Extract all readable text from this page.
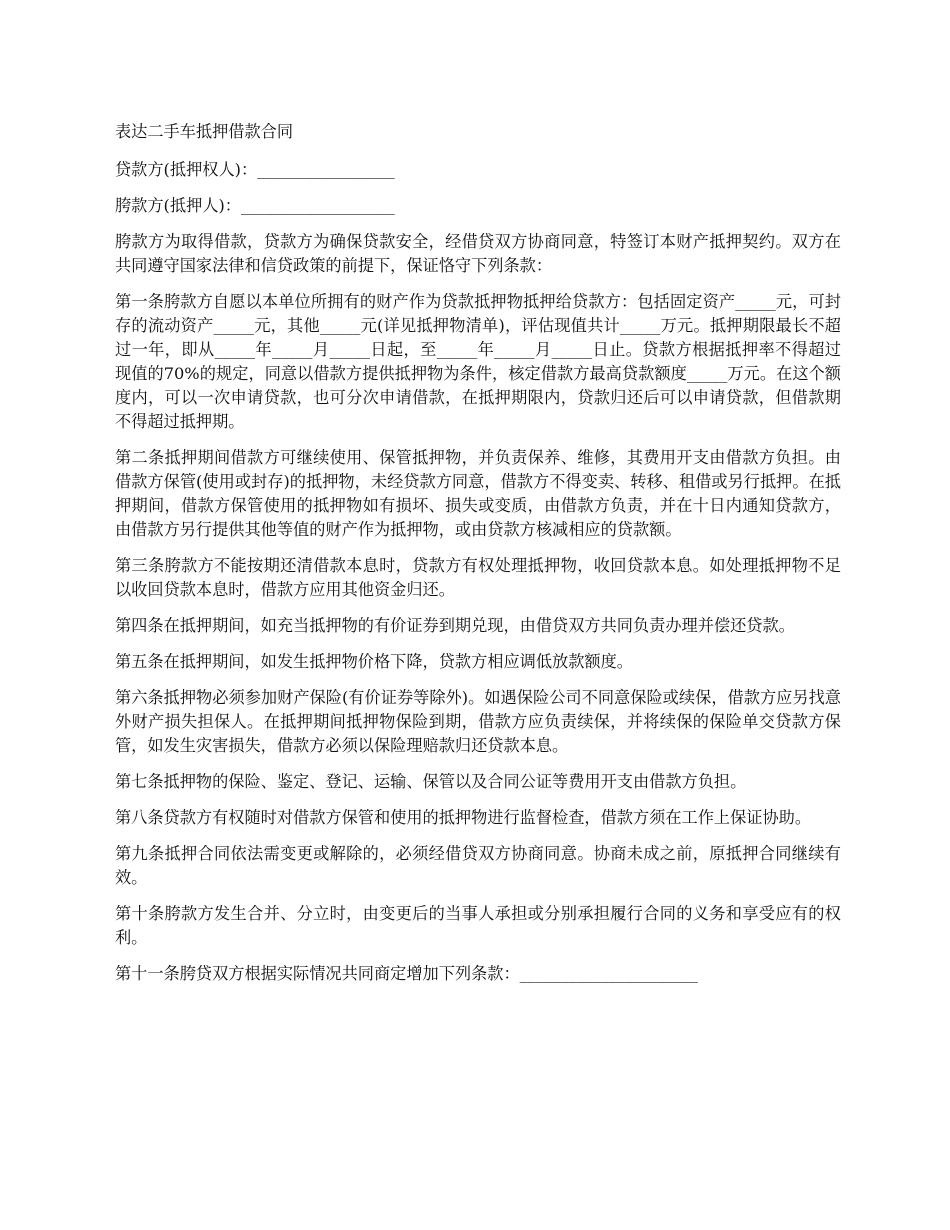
表达二手车抵押借款合同

贷款方(抵押权人)：_________________

胯款方(抵押人)：___________________

胯款方为取得借款，贷款方为确保贷款安全，经借贷双方协商同意，特签订本财产抵押契约。双方在共同遵守国家法律和信贷政策的前提下，保证恪守下列条款：

第一条胯款方自愿以本单位所拥有的财产作为贷款抵押物抵押给贷款方：包括固定资产_____元，可封存的流动资产_____元，其他_____元(详见抵押物清单)，评估现值共计_____万元。抵押期限最长不超过一年，即从_____年_____月_____日起，至_____年_____月_____日止。贷款方根据抵押率不得超过现值的70%的规定，同意以借款方提供抵押物为条件，核定借款方最高贷款额度_____万元。在这个额度内，可以一次申请贷款，也可分次申请借款，在抵押期限内，贷款归还后可以申请贷款，但借款期不得超过抵押期。

第二条抵押期间借款方可继续使用、保管抵押物，并负责保养、维修，其费用开支由借款方负担。由借款方保管(使用或封存)的抵押物，未经贷款方同意，借款方不得变卖、转移、租借或另行抵押。在抵押期间，借款方保管使用的抵押物如有损坏、损失或变质，由借款方负责，并在十日内通知贷款方，由借款方另行提供其他等值的财产作为抵押物，或由贷款方核减相应的贷款额。

第三条胯款方不能按期还清借款本息时，贷款方有权处理抵押物，收回贷款本息。如处理抵押物不足以收回贷款本息时，借款方应用其他资金归还。

第四条在抵押期间，如充当抵押物的有价证券到期兑现，由借贷双方共同负责办理并偿还贷款。

第五条在抵押期间，如发生抵押物价格下降，贷款方相应调低放款额度。

第六条抵押物必须参加财产保险(有价证券等除外)。如遇保险公司不同意保险或续保，借款方应另找意外财产损失担保人。在抵押期间抵押物保险到期，借款方应负责续保，并将续保的保险单交贷款方保管，如发生灾害损失，借款方必须以保险理赔款归还贷款本息。

第七条抵押物的保险、鉴定、登记、运输、保管以及合同公证等费用开支由借款方负担。

第八条贷款方有权随时对借款方保管和使用的抵押物进行监督检查，借款方须在工作上保证协助。

第九条抵押合同依法需变更或解除的，必须经借贷双方协商同意。协商未成之前，原抵押合同继续有效。

第十条胯款方发生合并、分立时，由变更后的当事人承担或分别承担履行合同的义务和享受应有的权利。

第十一条胯贷双方根据实际情况共同商定增加下列条款：______________________
